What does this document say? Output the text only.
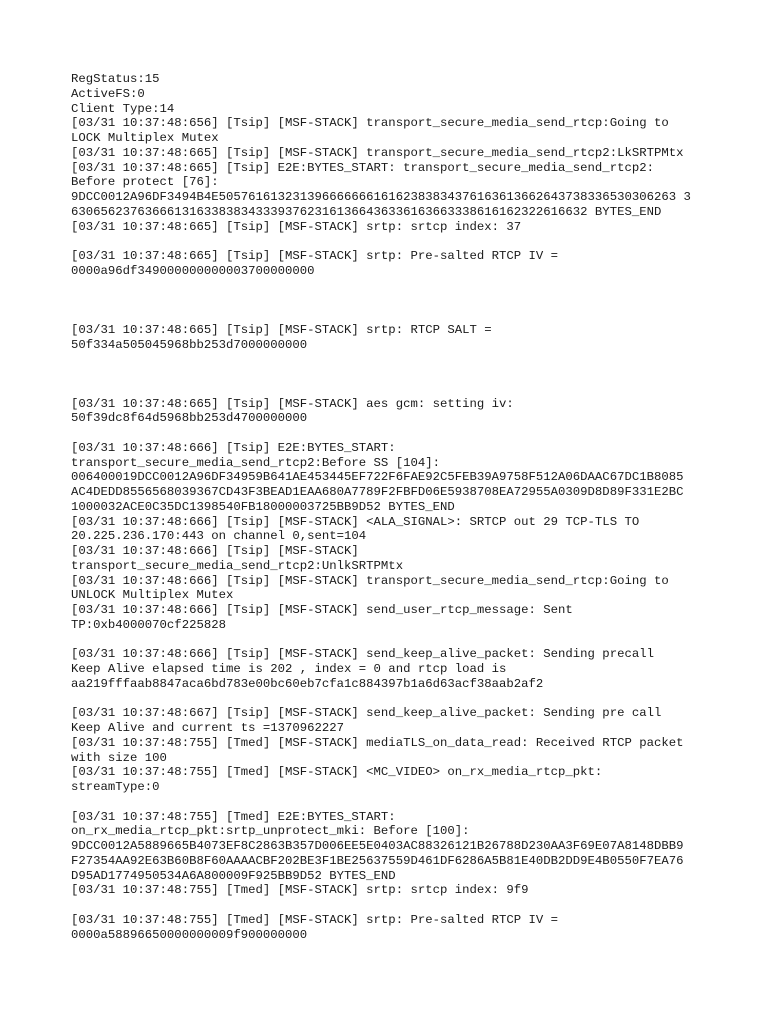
RegStatus:15
ActiveFS:0
Client Type:14
[03/31 10:37:48:656] [Tsip] [MSF-STACK] transport_secure_media_send_rtcp:Going to
LOCK Multiplex Mutex
[03/31 10:37:48:665] [Tsip] [MSF-STACK] transport_secure_media_send_rtcp2:LkSRTPMtx
[03/31 10:37:48:665] [Tsip] E2E:BYTES_START: transport_secure_media_send_rtcp2:
Before protect [76]:
9DCC0012A96DF3494B4E50576161323139666666616162383834376163613662643738336530306263 3
6306562376366613163383834333937623161366436336163663338616162322616632 BYTES_END
[03/31 10:37:48:665] [Tsip] [MSF-STACK] srtp: srtcp index: 37
[03/31 10:37:48:665] [Tsip] [MSF-STACK] srtp: Pre-salted RTCP IV =
0000a96df349000000000003700000000
[03/31 10:37:48:665] [Tsip] [MSF-STACK] srtp: RTCP SALT =
50f334a505045968bb253d7000000000
[03/31 10:37:48:665] [Tsip] [MSF-STACK] aes gcm: setting iv:
50f39dc8f64d5968bb253d4700000000
[03/31 10:37:48:666] [Tsip] E2E:BYTES_START:
transport_secure_media_send_rtcp2:Before SS [104]:
006400019DCC0012A96DF34959B641AE453445EF722F6FAE92C5FEB39A9758F512A06DAAC67DC1B8085
AC4DEDD8556568039367CD43F3BEAD1EAA680A7789F2FBFD06E5938708EA72955A0309D8D89F331E2BC
1000032ACE0C35DC1398540FB18000003725BB9D52 BYTES_END
[03/31 10:37:48:666] [Tsip] [MSF-STACK] <ALA_SIGNAL>: SRTCP out 29 TCP-TLS TO
20.225.236.170:443 on channel 0,sent=104
[03/31 10:37:48:666] [Tsip] [MSF-STACK]
transport_secure_media_send_rtcp2:UnlkSRTPMtx
[03/31 10:37:48:666] [Tsip] [MSF-STACK] transport_secure_media_send_rtcp:Going to
UNLOCK Multiplex Mutex
[03/31 10:37:48:666] [Tsip] [MSF-STACK] send_user_rtcp_message: Sent
TP:0xb4000070cf225828
[03/31 10:37:48:666] [Tsip] [MSF-STACK] send_keep_alive_packet: Sending precall
Keep Alive elapsed time is 202 , index = 0 and rtcp load is
aa219fffaab8847aca6bd783e00bc60eb7cfa1c884397b1a6d63acf38aab2af2
[03/31 10:37:48:667] [Tsip] [MSF-STACK] send_keep_alive_packet: Sending pre call
Keep Alive and current ts =1370962227
[03/31 10:37:48:755] [Tmed] [MSF-STACK] mediaTLS_on_data_read: Received RTCP packet
with size 100
[03/31 10:37:48:755] [Tmed] [MSF-STACK] <MC_VIDEO> on_rx_media_rtcp_pkt:
streamType:0
[03/31 10:37:48:755] [Tmed] E2E:BYTES_START:
on_rx_media_rtcp_pkt:srtp_unprotect_mki: Before [100]:
9DCC0012A5889665B4073EF8C2863B357D006EE5E0403AC88326121B26788D230AA3F69E07A8148DBB9
F27354AA92E63B60B8F60AAAACBF202BE3F1BE25637559D461DF6286A5B81E40DB2DD9E4B0550F7EA76
D95AD1774950534A6A800009F925BB9D52 BYTES_END
[03/31 10:37:48:755] [Tmed] [MSF-STACK] srtp: srtcp index: 9f9
[03/31 10:37:48:755] [Tmed] [MSF-STACK] srtp: Pre-salted RTCP IV =
0000a58896650000000009f900000000
